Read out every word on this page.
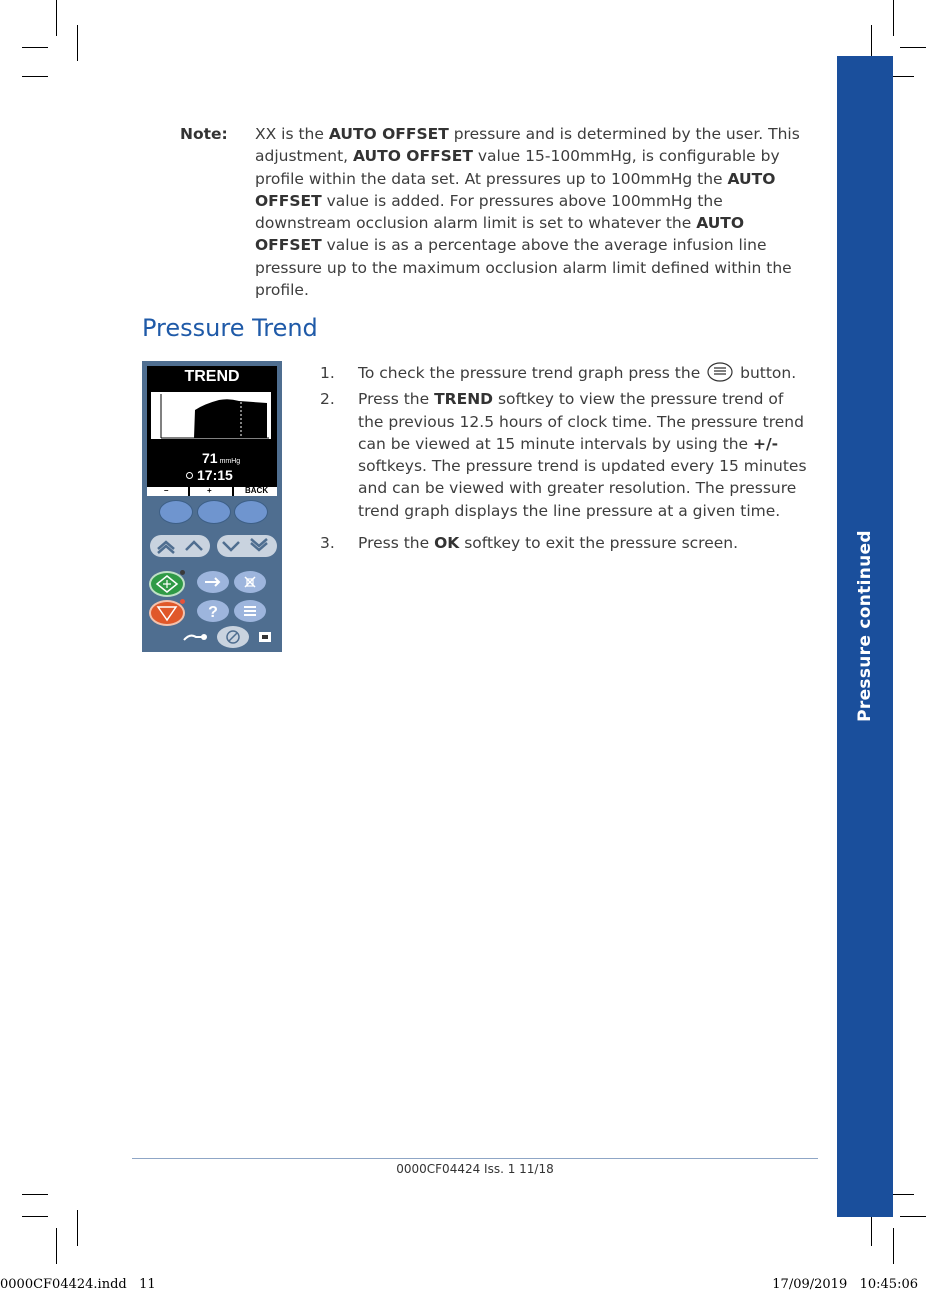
Pressure continued
Note: XX is the AUTO OFFSET pressure and is determined by the user. This adjustment, AUTO OFFSET value 15-100mmHg, is configurable by profile within the data set. At pressures up to 100mmHg the AUTO OFFSET value is added. For pressures above 100mmHg the downstream occlusion alarm limit is set to whatever the AUTO OFFSET value is as a percentage above the average infusion line pressure up to the maximum occlusion alarm limit defined within the profile.
Pressure Trend
TREND
0
71 mmHg
17:15
–	+	BACK
?
1. To check the pressure trend graph press the  button.
2. Press the TREND softkey to view the pressure trend of the previous 12.5 hours of clock time. The pressure trend can be viewed at 15 minute intervals by using the +/- softkeys. The pressure trend is updated every 15 minutes and can be viewed with greater resolution. The pressure trend graph displays the line pressure at a given time.
3. Press the OK softkey to exit the pressure screen.
0000CF04424 Iss. 1 11/18
0000CF04424.indd   11	17/09/2019   10:45:06
